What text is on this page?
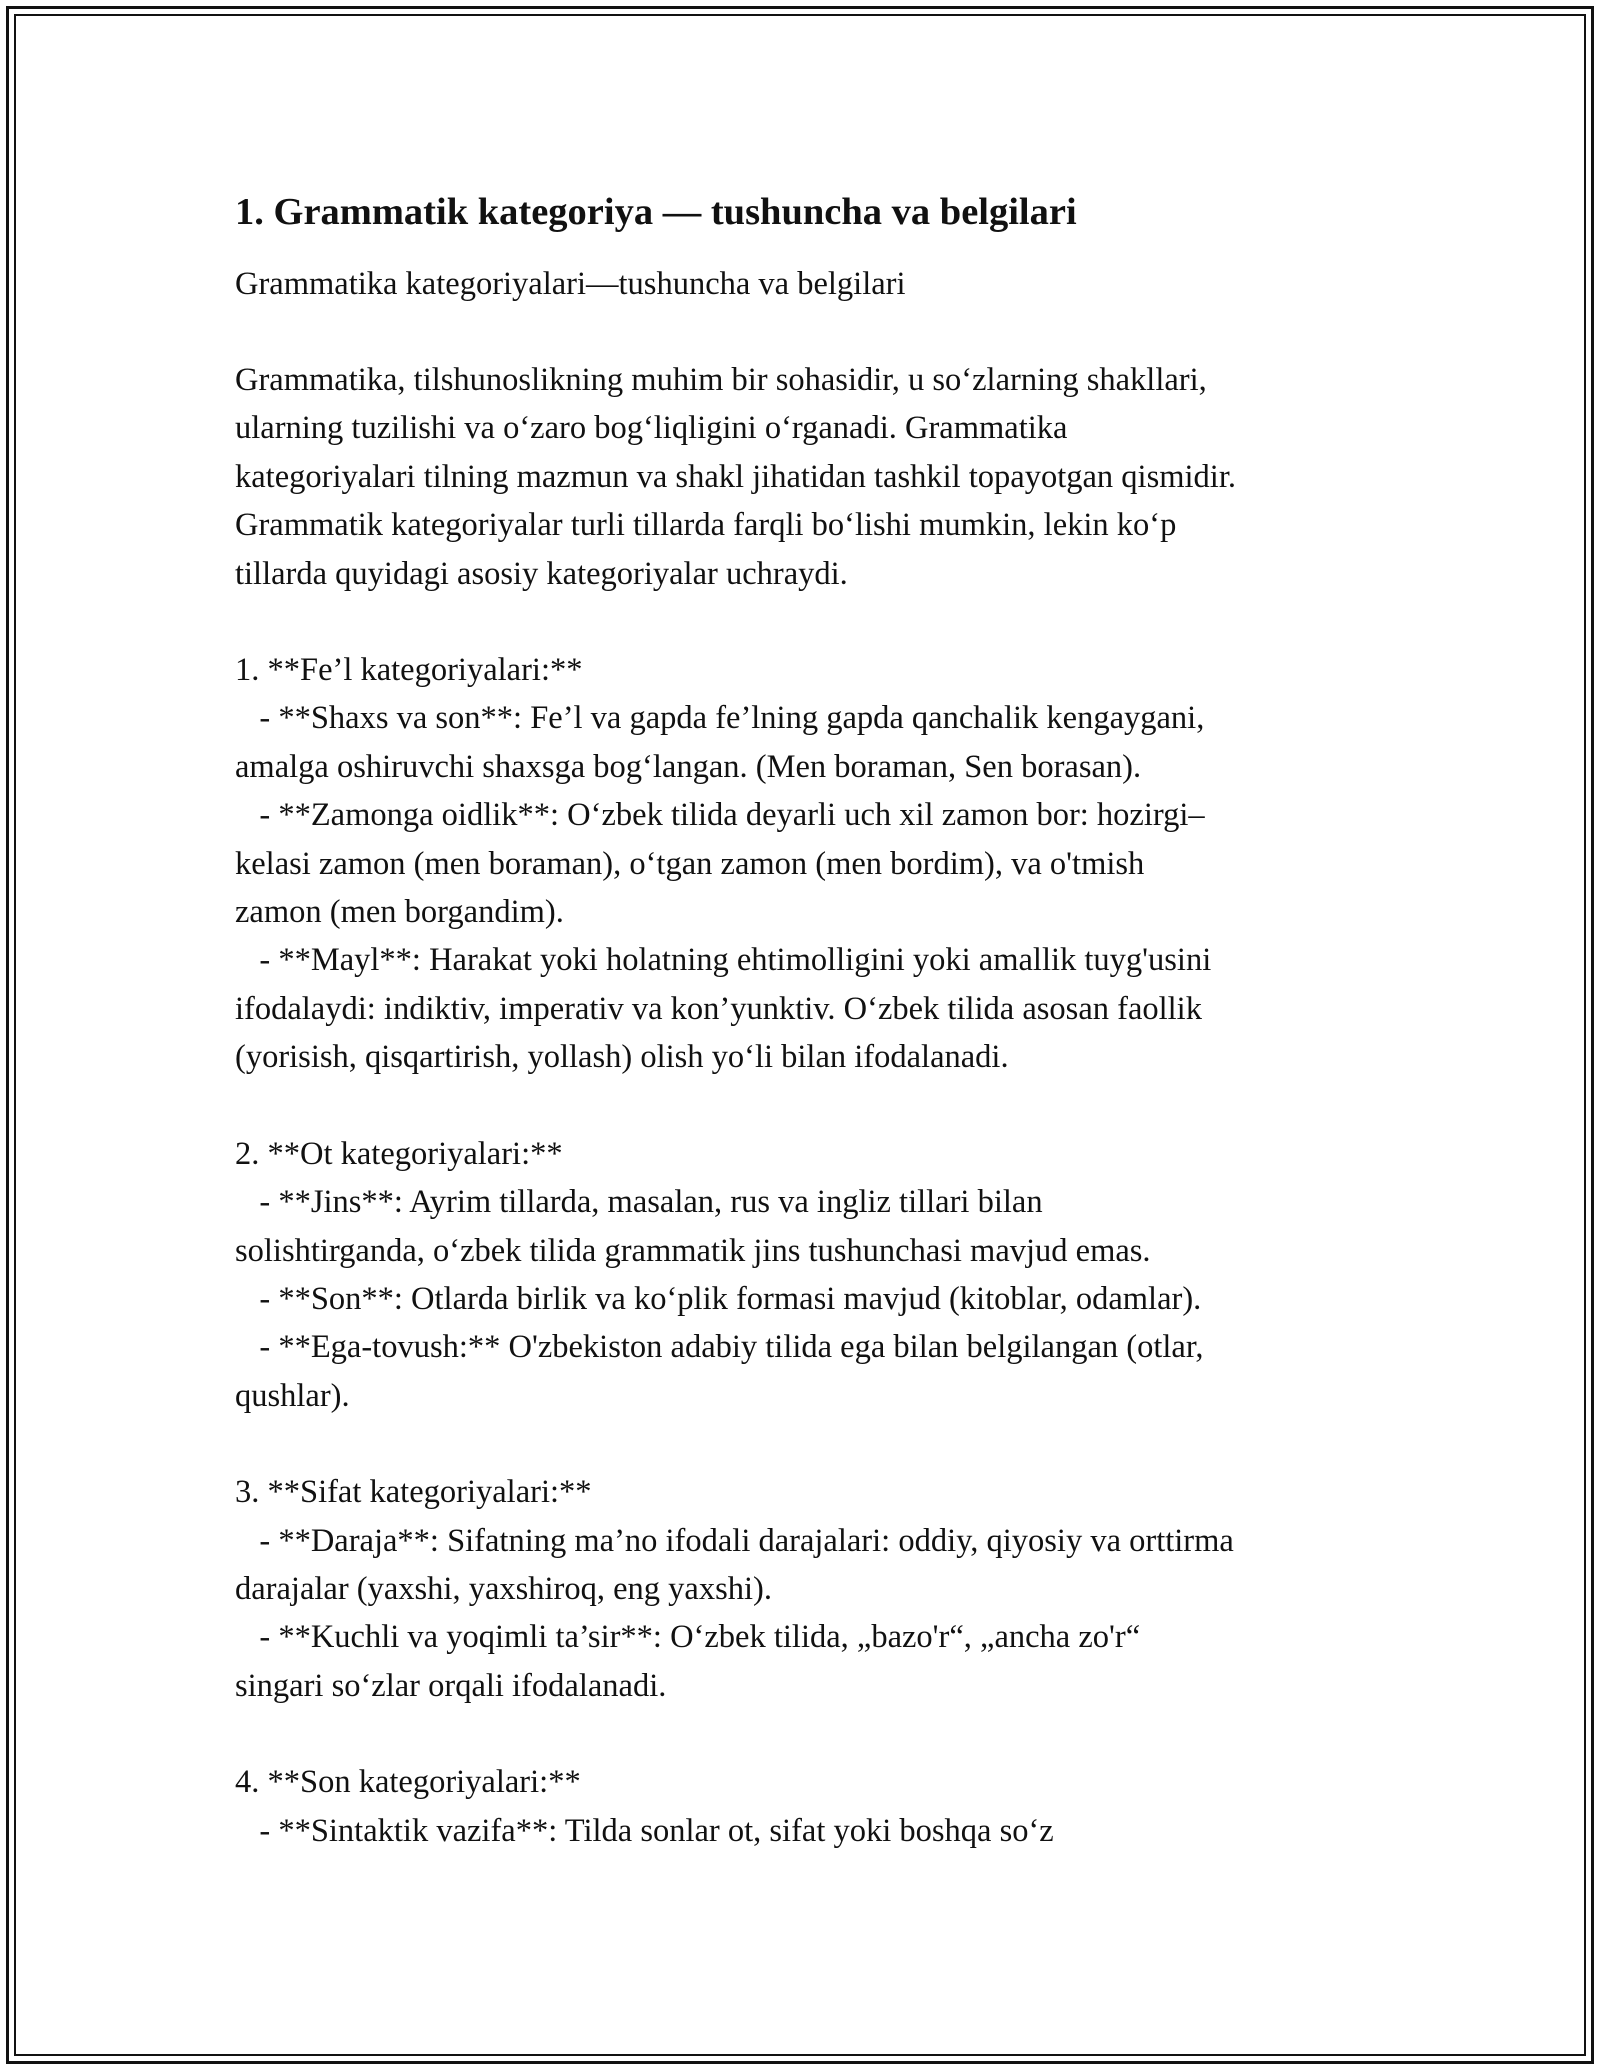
1. Grammatik kategoriya — tushuncha va belgilari
Grammatika kategoriyalari—tushuncha va belgilari
Grammatika, tilshunoslikning muhim bir sohasidir, u so‘zlarning shakllari,
ularning tuzilishi va o‘zaro bog‘liqligini o‘rganadi. Grammatika
kategoriyalari tilning mazmun va shakl jihatidan tashkil topayotgan qismidir.
Grammatik kategoriyalar turli tillarda farqli bo‘lishi mumkin, lekin ko‘p
tillarda quyidagi asosiy kategoriyalar uchraydi.
1. **Fe’l kategoriyalari:**
- **Shaxs va son**: Fe’l va gapda fe’lning gapda qanchalik kengaygani,
amalga oshiruvchi shaxsga bog‘langan. (Men boraman, Sen borasan).
- **Zamonga oidlik**: O‘zbek tilida deyarli uch xil zamon bor: hozirgi–
kelasi zamon (men boraman), o‘tgan zamon (men bordim), va o'tmish
zamon (men borgandim).
- **Mayl**: Harakat yoki holatning ehtimolligini yoki amallik tuyg'usini
ifodalaydi: indiktiv, imperativ va kon’yunktiv. O‘zbek tilida asosan faollik
(yorisish, qisqartirish, yollash) olish yo‘li bilan ifodalanadi.
2. **Ot kategoriyalari:**
- **Jins**: Ayrim tillarda, masalan, rus va ingliz tillari bilan
solishtirganda, o‘zbek tilida grammatik jins tushunchasi mavjud emas.
- **Son**: Otlarda birlik va ko‘plik formasi mavjud (kitoblar, odamlar).
- **Ega-tovush:** O'zbekiston adabiy tilida ega bilan belgilangan (otlar,
qushlar).
3. **Sifat kategoriyalari:**
- **Daraja**: Sifatning ma’no ifodali darajalari: oddiy, qiyosiy va orttirma
darajalar (yaxshi, yaxshiroq, eng yaxshi).
- **Kuchli va yoqimli ta’sir**: O‘zbek tilida, „bazo'r“, „ancha zo'r“
singari so‘zlar orqali ifodalanadi.
4. **Son kategoriyalari:**
- **Sintaktik vazifa**: Tilda sonlar ot, sifat yoki boshqa so‘z
